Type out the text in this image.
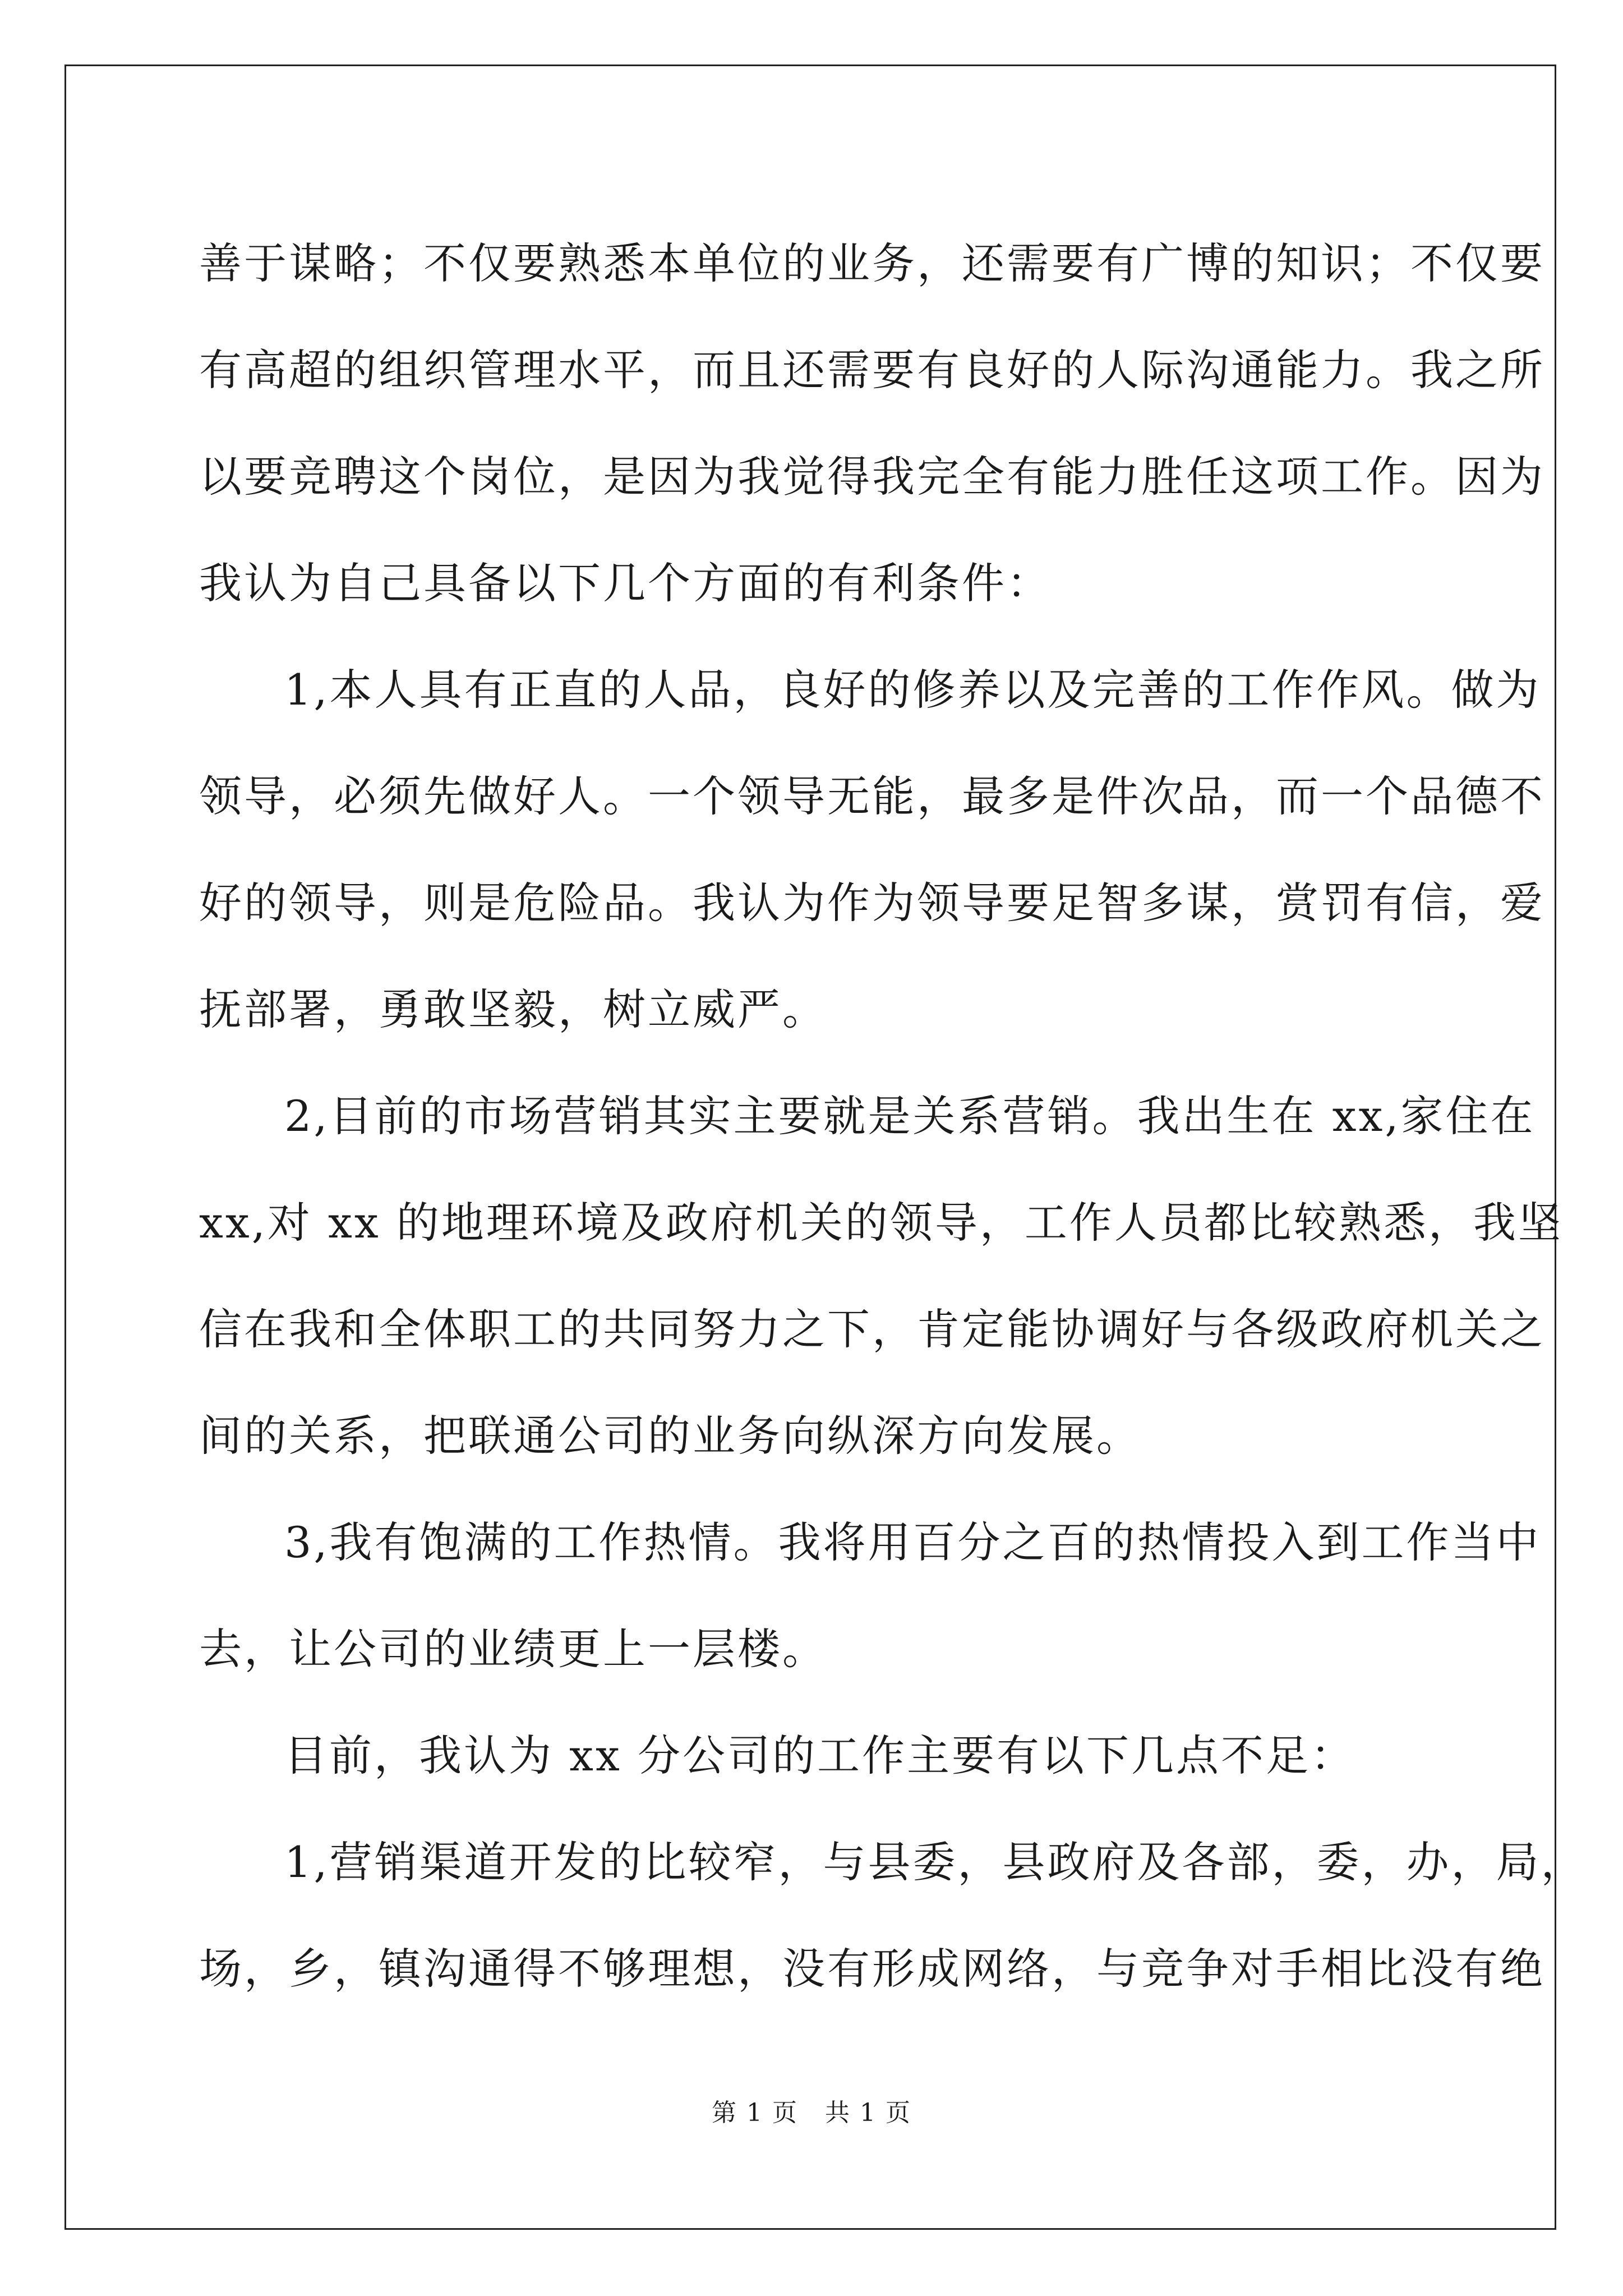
善于谋略；不仅要熟悉本单位的业务，还需要有广博的知识；不仅要
有高超的组织管理水平，而且还需要有良好的人际沟通能力。我之所
以要竞聘这个岗位，是因为我觉得我完全有能力胜任这项工作。因为
我认为自己具备以下几个方面的有利条件：
1,本人具有正直的人品，良好的修养以及完善的工作作风。做为
领导，必须先做好人。一个领导无能，最多是件次品，而一个品德不
好的领导，则是危险品。我认为作为领导要足智多谋，赏罚有信，爱
抚部署，勇敢坚毅，树立威严。
2,目前的市场营销其实主要就是关系营销。我出生在 xx,家住在
xx,对 xx 的地理环境及政府机关的领导，工作人员都比较熟悉，我坚
信在我和全体职工的共同努力之下，肯定能协调好与各级政府机关之
间的关系，把联通公司的业务向纵深方向发展。
3,我有饱满的工作热情。我将用百分之百的热情投入到工作当中
去，让公司的业绩更上一层楼。
目前，我认为 xx 分公司的工作主要有以下几点不足：
1,营销渠道开发的比较窄，与县委，县政府及各部，委，办，局，
场，乡，镇沟通得不够理想，没有形成网络，与竞争对手相比没有绝
第 1 页 共 1 页
